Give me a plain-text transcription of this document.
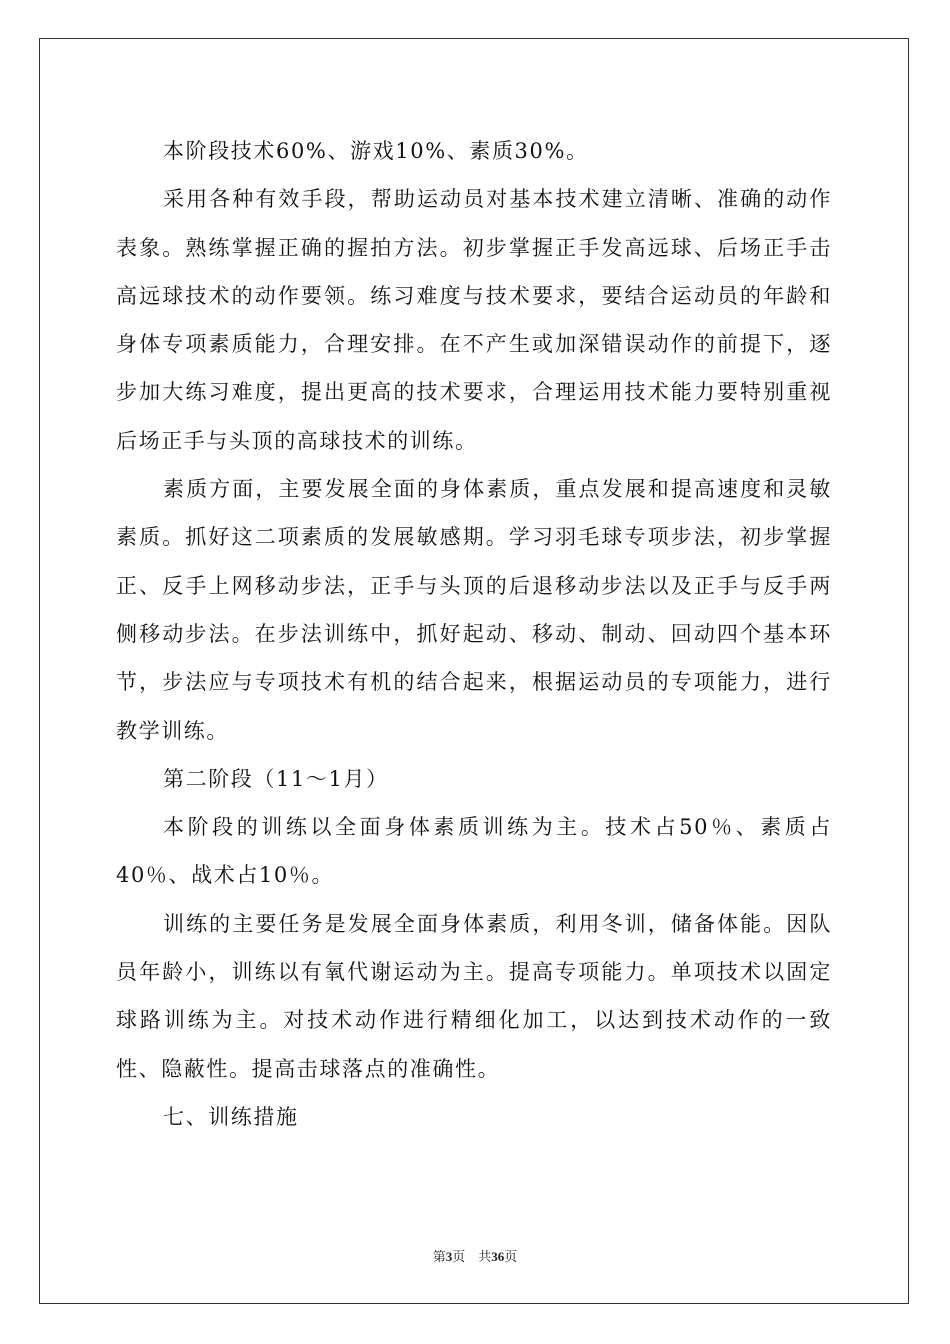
本阶段技术60%、游戏10%、素质30%。

采用各种有效手段，帮助运动员对基本技术建立清晰、准确的动作表象。熟练掌握正确的握拍方法。初步掌握正手发高远球、后场正手击高远球技术的动作要领。练习难度与技术要求，要结合运动员的年龄和身体专项素质能力，合理安排。在不产生或加深错误动作的前提下，逐步加大练习难度，提出更高的技术要求，合理运用技术能力要特别重视后场正手与头顶的高球技术的训练。

素质方面，主要发展全面的身体素质，重点发展和提高速度和灵敏素质。抓好这二项素质的发展敏感期。学习羽毛球专项步法，初步掌握正、反手上网移动步法，正手与头顶的后退移动步法以及正手与反手两侧移动步法。在步法训练中，抓好起动、移动、制动、回动四个基本环节，步法应与专项技术有机的结合起来，根据运动员的专项能力，进行教学训练。

第二阶段（11～1月）

本阶段的训练以全面身体素质训练为主。技术占50％、素质占40％、战术占10％。

训练的主要任务是发展全面身体素质，利用冬训，储备体能。因队员年龄小，训练以有氧代谢运动为主。提高专项能力。单项技术以固定球路训练为主。对技术动作进行精细化加工，以达到技术动作的一致性、隐蔽性。提高击球落点的准确性。

七、训练措施

第3页　共36页
